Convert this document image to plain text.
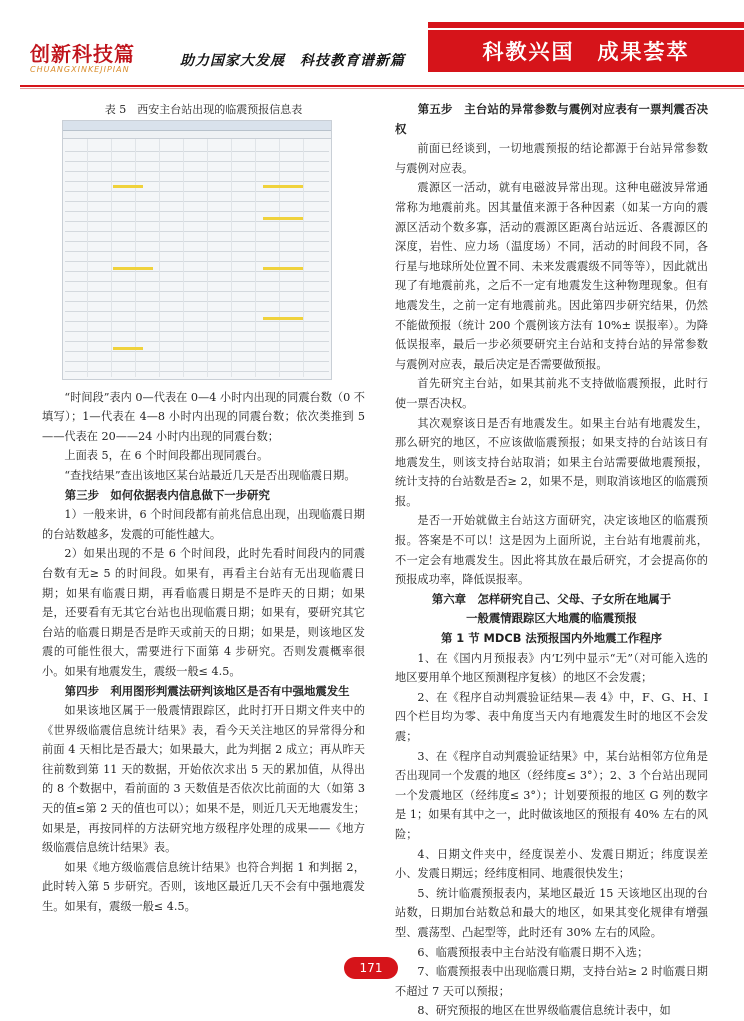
创新科技篇
CHUANGXINKEJIPIAN
助力国家大发展　科技教育谱新篇	科教兴国　成果荟萃

表 5　西安主台站出现的临震预报信息表

“时间段”表内 0—代表在 0—4 小时内出现的同震台数（0 不填写）；1—代表在 4—8 小时内出现的同震台数；依次类推到 5——代表在 20——24 小时内出现的同震台数；

上面表 5，在 6 个时间段都出现同震台。

“查找结果”查出该地区某台站最近几天是否出现临震日期。

第三步　如何依据表内信息做下一步研究

1）一般来讲，6 个时间段都有前兆信息出现，出现临震日期的台站数越多，发震的可能性越大。

2）如果出现的不是 6 个时间段，此时先看时间段内的同震台数有无≥ 5 的时间段。如果有，再看主台站有无出现临震日期；如果有临震日期，再看临震日期是不是昨天的日期；如果是，还要看有无其它台站也出现临震日期；如果有，要研究其它台站的临震日期是否是昨天或前天的日期；如果是，则该地区发震的可能性很大，需要进行下面第 4 步研究。否则发震概率很小。如果有地震发生，震级一般≤ 4.5。

第四步　利用图形判震法研判该地区是否有中强地震发生

如果该地区属于一般震情跟踪区，此时打开日期文件夹中的《世界级临震信息统计结果》表，看今天关注地区的异常得分和前面 4 天相比是否最大；如果最大，此为判据 2 成立；再从昨天往前数到第 11 天的数据，开始依次求出 5 天的累加值，从得出的 8 个数据中，看前面的 3 天数值是否依次比前面的大（如第 3 天的值≤第 2 天的值也可以）；如果不是，则近几天无地震发生；如果是，再按同样的方法研究地方级程序处理的成果——《地方级临震信息统计结果》表。

如果《地方级临震信息统计结果》也符合判据 1 和判据 2，此时转入第 5 步研究。否则，该地区最近几天不会有中强地震发生。如果有，震级一般≤ 4.5。

第五步　主台站的异常参数与震例对应表有一票判震否决权

前面已经谈到，一切地震预报的结论都源于台站异常参数与震例对应表。

震源区一活动，就有电磁波异常出现。这种电磁波异常通常称为地震前兆。因其量值来源于各种因素（如某一方向的震源区活动个数多寡，活动的震源区距离台站远近、各震源区的深度，岩性、应力场（温度场）不同，活动的时间段不同，各行星与地球所处位置不同、未来发震震级不同等等），因此就出现了有地震前兆，之后不一定有地震发生这种物理现象。但有地震发生，之前一定有地震前兆。因此第四步研究结果，仍然不能做预报（统计 200 个震例该方法有 10%± 误报率）。为降低误报率，最后一步必须要研究主台站和支持台站的异常参数与震例对应表，最后决定是否需要做预报。

首先研究主台站，如果其前兆不支持做临震预报，此时行使一票否决权。

其次观察该日是否有地震发生。如果主台站有地震发生，那么研究的地区，不应该做临震预报；如果支持的台站该日有地震发生，则该支持台站取消；如果主台站需要做地震预报，统计支持的台站数是否≥ 2，如果不是，则取消该地区的临震预报。

是否一开始就做主台站这方面研究，决定该地区的临震预报。答案是不可以！这是因为上面所说，主台站有地震前兆，不一定会有地震发生。因此将其放在最后研究，才会提高你的预报成功率，降低误报率。

第六章　怎样研究自己、父母、子女所在地属于
一般震情跟踪区大地震的临震预报
第 1 节 MDCB 法预报国内外地震工作程序

1、在《国内月预报表》内‘L’列中显示“无”（对可能入选的地区要用单个地区预测程序复核）的地区不会发震；

2、在《程序自动判震验证结果—表 4》中，F、G、H、I 四个栏目均为零、表中角度当天内有地震发生时的地区不会发震；

3、在《程序自动判震验证结果》中，某台站相邻方位角是否出现同一个发震的地区（经纬度≤ 3°）；2、3 个台站出现同一个发震地区（经纬度≤ 3°）；计划要预报的地区 G 列的数字是 1；如果有其中之一，此时做该地区的预报有 40% 左右的风险；

4、日期文件夹中，经度误差小、发震日期近；纬度误差小、发震日期远；经纬度相同、地震很快发生；

5、统计临震预报表内，某地区最近 15 天该地区出现的台站数，日期加台站数总和最大的地区，如果其变化规律有增强型、震荡型、凸起型等，此时还有 30% 左右的风险。

6、临震预报表中主台站没有临震日期不入选；

7、临震预报表中出现临震日期，支持台站≥ 2 时临震日期不超过 7 天可以预报；

8、研究预报的地区在世界级临震信息统计表中，如

171
